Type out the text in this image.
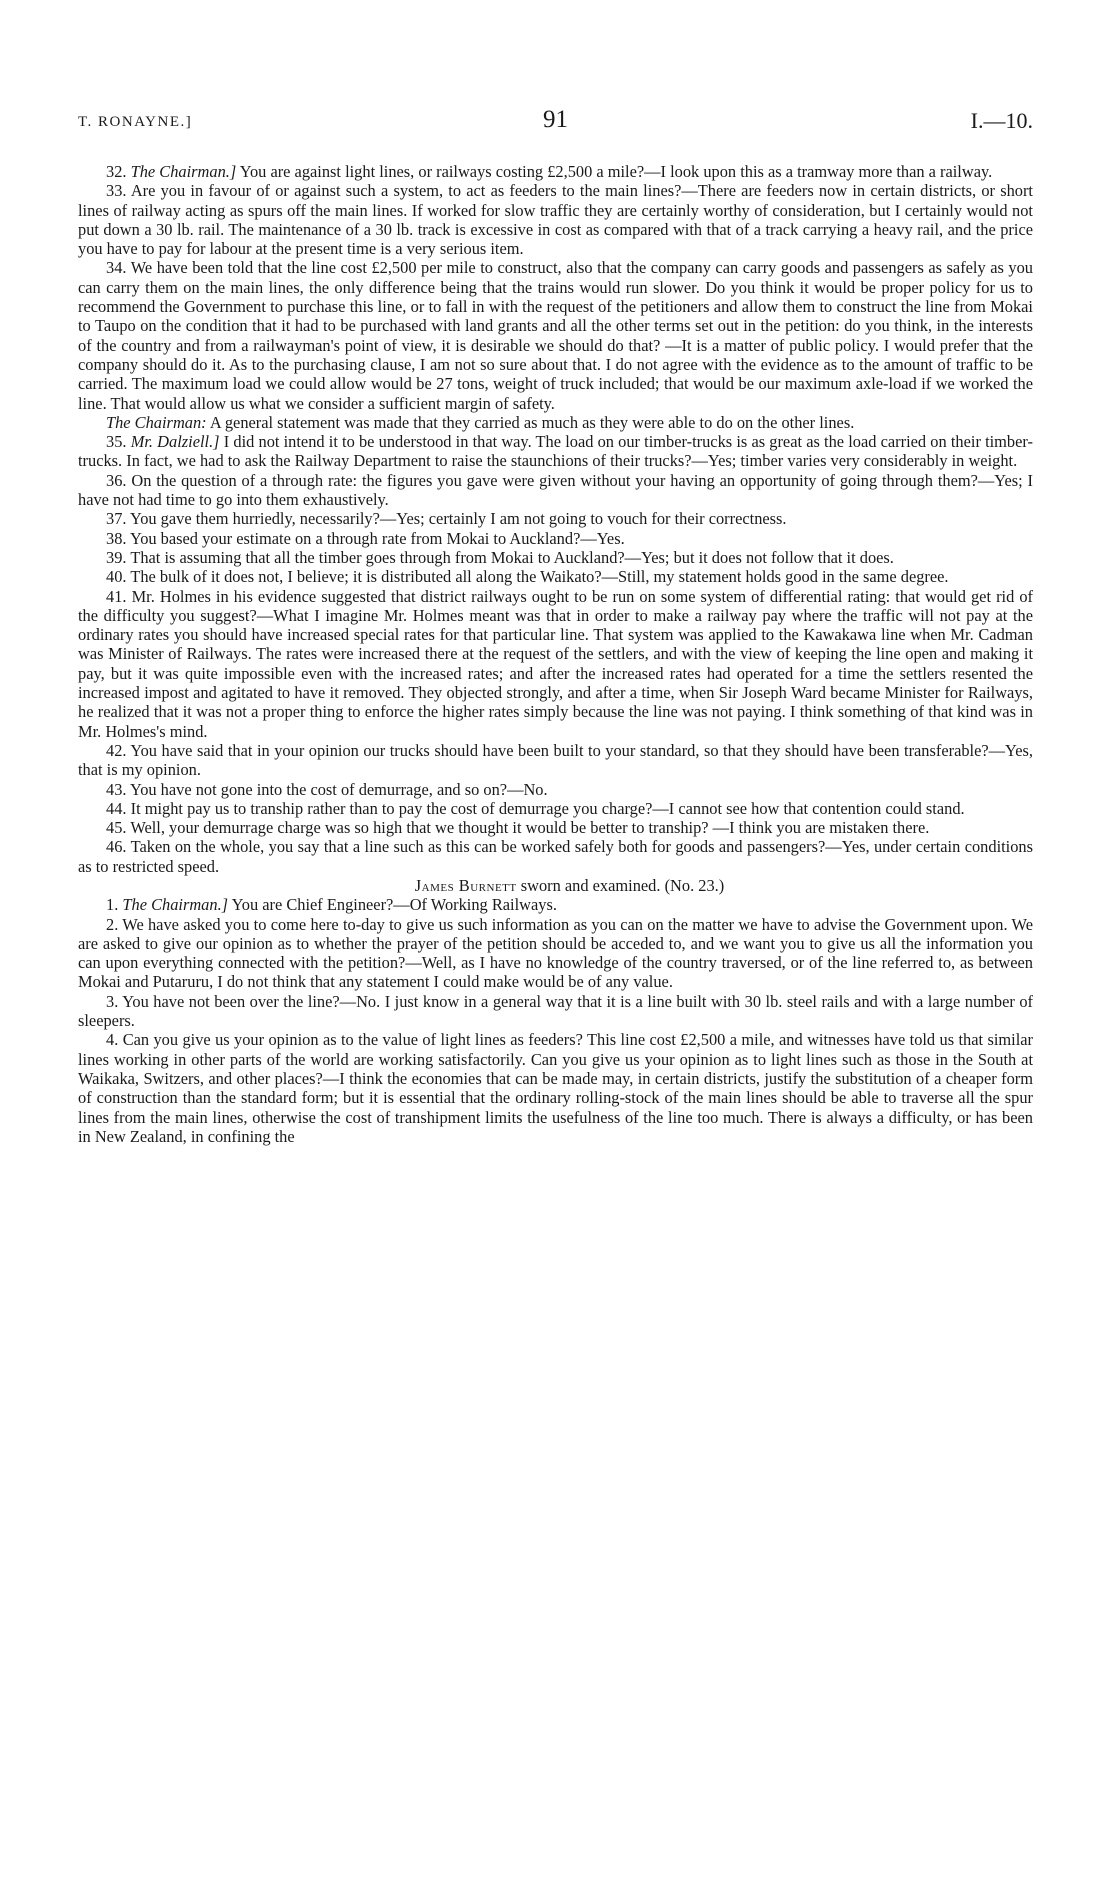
T. RONAYNE.]	91	I.—10.

32. The Chairman.] You are against light lines, or railways costing £2,500 a mile?—I look upon this as a tramway more than a railway.

33. Are you in favour of or against such a system, to act as feeders to the main lines?—There are feeders now in certain districts, or short lines of railway acting as spurs off the main lines. If worked for slow traffic they are certainly worthy of consideration, but I certainly would not put down a 30 lb. rail. The maintenance of a 30 lb. track is excessive in cost as compared with that of a track carrying a heavy rail, and the price you have to pay for labour at the present time is a very serious item.

34. We have been told that the line cost £2,500 per mile to construct, also that the company can carry goods and passengers as safely as you can carry them on the main lines, the only difference being that the trains would run slower. Do you think it would be proper policy for us to recommend the Government to purchase this line, or to fall in with the request of the petitioners and allow them to construct the line from Mokai to Taupo on the condition that it had to be purchased with land grants and all the other terms set out in the petition: do you think, in the interests of the country and from a railwayman's point of view, it is desirable we should do that? —It is a matter of public policy. I would prefer that the company should do it. As to the purchasing clause, I am not so sure about that. I do not agree with the evidence as to the amount of traffic to be carried. The maximum load we could allow would be 27 tons, weight of truck included; that would be our maximum axle-load if we worked the line. That would allow us what we consider a sufficient margin of safety.

The Chairman: A general statement was made that they carried as much as they were able to do on the other lines.

35. Mr. Dalziell.] I did not intend it to be understood in that way. The load on our timber-trucks is as great as the load carried on their timber-trucks. In fact, we had to ask the Railway Department to raise the staunchions of their trucks?—Yes; timber varies very considerably in weight.

36. On the question of a through rate: the figures you gave were given without your having an opportunity of going through them?—Yes; I have not had time to go into them exhaustively.

37. You gave them hurriedly, necessarily?—Yes; certainly I am not going to vouch for their correctness.

38. You based your estimate on a through rate from Mokai to Auckland?—Yes.

39. That is assuming that all the timber goes through from Mokai to Auckland?—Yes; but it does not follow that it does.

40. The bulk of it does not, I believe; it is distributed all along the Waikato?—Still, my statement holds good in the same degree.

41. Mr. Holmes in his evidence suggested that district railways ought to be run on some system of differential rating: that would get rid of the difficulty you suggest?—What I imagine Mr. Holmes meant was that in order to make a railway pay where the traffic will not pay at the ordinary rates you should have increased special rates for that particular line. That system was applied to the Kawakawa line when Mr. Cadman was Minister of Railways. The rates were increased there at the request of the settlers, and with the view of keeping the line open and making it pay, but it was quite impossible even with the increased rates; and after the increased rates had operated for a time the settlers resented the increased impost and agitated to have it removed. They objected strongly, and after a time, when Sir Joseph Ward became Minister for Railways, he realized that it was not a proper thing to enforce the higher rates simply because the line was not paying. I think something of that kind was in Mr. Holmes's mind.

42. You have said that in your opinion our trucks should have been built to your standard, so that they should have been transferable?—Yes, that is my opinion.

43. You have not gone into the cost of demurrage, and so on?—No.

44. It might pay us to tranship rather than to pay the cost of demurrage you charge?—I cannot see how that contention could stand.

45. Well, your demurrage charge was so high that we thought it would be better to tranship? —I think you are mistaken there.

46. Taken on the whole, you say that a line such as this can be worked safely both for goods and passengers?—Yes, under certain conditions as to restricted speed.

James Burnett sworn and examined. (No. 23.)

1. The Chairman.] You are Chief Engineer?—Of Working Railways.

2. We have asked you to come here to-day to give us such information as you can on the matter we have to advise the Government upon. We are asked to give our opinion as to whether the prayer of the petition should be acceded to, and we want you to give us all the information you can upon everything connected with the petition?—Well, as I have no knowledge of the country traversed, or of the line referred to, as between Mokai and Putaruru, I do not think that any statement I could make would be of any value.

3. You have not been over the line?—No. I just know in a general way that it is a line built with 30 lb. steel rails and with a large number of sleepers.

4. Can you give us your opinion as to the value of light lines as feeders? This line cost £2,500 a mile, and witnesses have told us that similar lines working in other parts of the world are working satisfactorily. Can you give us your opinion as to light lines such as those in the South at Waikaka, Switzers, and other places?—I think the economies that can be made may, in certain districts, justify the substitution of a cheaper form of construction than the standard form; but it is essential that the ordinary rolling-stock of the main lines should be able to traverse all the spur lines from the main lines, otherwise the cost of transhipment limits the usefulness of the line too much. There is always a difficulty, or has been in New Zealand, in confining the
